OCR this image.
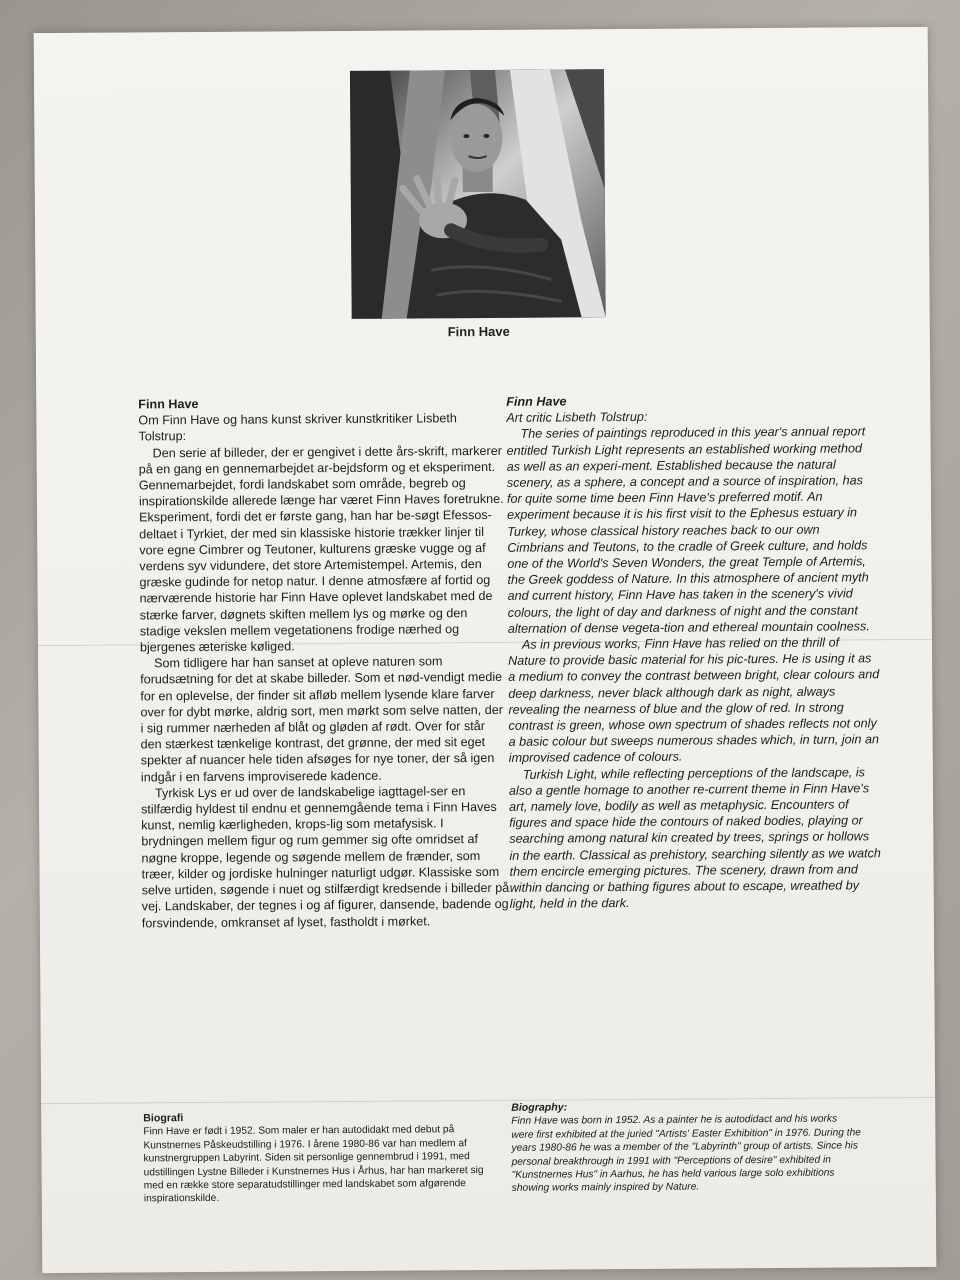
Finn Have
Finn Have

Om Finn Have og hans kunst skriver kunstkritiker Lisbeth Tolstrup:

Den serie af billeder, der er gengivet i dette års-skrift, markerer på en gang en gennemarbejdet ar-bejdsform og et eksperiment. Gennemarbejdet, fordi landskabet som område, begreb og inspirationskilde allerede længe har været Finn Haves foretrukne. Eksperiment, fordi det er første gang, han har be-søgt Efessos-deltaet i Tyrkiet, der med sin klassiske historie trækker linjer til vore egne Cimbrer og Teutoner, kulturens græske vugge og af verdens syv vidundere, det store Artemistempel. Artemis, den græske gudinde for netop natur. I denne atmosfære af fortid og nærværende historie har Finn Have oplevet landskabet med de stærke farver, døgnets skiften mellem lys og mørke og den stadige vekslen mellem vegetationens frodige nærhed og bjergenes æteriske køliged.

Som tidligere har han sanset at opleve naturen som forudsætning for det at skabe billeder. Som et nød-vendigt medie for en oplevelse, der finder sit afløb mellem lysende klare farver over for dybt mørke, aldrig sort, men mørkt som selve natten, der i sig rummer nærheden af blåt og gløden af rødt. Over for står den stærkest tænkelige kontrast, det grønne, der med sit eget spekter af nuancer hele tiden afsøges for nye toner, der så igen indgår i en farvens improviserede kadence.

Tyrkisk Lys er ud over de landskabelige iagttagel-ser en stilfærdig hyldest til endnu et gennemgående tema i Finn Haves kunst, nemlig kærligheden, krops-lig som metafysisk. I brydningen mellem figur og rum gemmer sig ofte omridset af nøgne kroppe, legende og søgende mellem de frænder, som træer, kilder og jordiske hulninger naturligt udgør. Klassiske som selve urtiden, søgende i nuet og stilfærdigt kredsende i billeder på vej. Landskaber, der tegnes i og af figurer, dansende, badende og forsvindende, omkranset af lyset, fastholdt i mørket.

Finn Have

Art critic Lisbeth Tolstrup:

The series of paintings reproduced in this year's annual report entitled Turkish Light represents an established working method as well as an experi-ment. Established because the natural scenery, as a sphere, a concept and a source of inspiration, has for quite some time been Finn Have's preferred motif. An experiment because it is his first visit to the Ephesus estuary in Turkey, whose classical history reaches back to our own Cimbrians and Teutons, to the cradle of Greek culture, and holds one of the World's Seven Wonders, the great Temple of Artemis, the Greek goddess of Nature. In this atmosphere of ancient myth and current history, Finn Have has taken in the scenery's vivid colours, the light of day and darkness of night and the constant alternation of dense vegeta-tion and ethereal mountain coolness.

As in previous works, Finn Have has relied on the thrill of Nature to provide basic material for his pic-tures. He is using it as a medium to convey the contrast between bright, clear colours and deep darkness, never black although dark as night, always revealing the nearness of blue and the glow of red. In strong contrast is green, whose own spectrum of shades reflects not only a basic colour but sweeps numerous shades which, in turn, join an improvised cadence of colours.

Turkish Light, while reflecting perceptions of the landscape, is also a gentle homage to another re-current theme in Finn Have's art, namely love, bodily as well as metaphysic. Encounters of figures and space hide the contours of naked bodies, playing or searching among natural kin created by trees, springs or hollows in the earth. Classical as prehistory, searching silently as we watch them encircle emerging pictures. The scenery, drawn from and within dancing or bathing figures about to escape, wreathed by light, held in the dark.

Biografi

Finn Have er født i 1952. Som maler er han autodidakt med debut på Kunstnernes Påskeudstilling i 1976. I årene 1980-86 var han medlem af kunstnergruppen Labyrint. Siden sit personlige gennembrud i 1991, med udstillingen Lystne Billeder i Kunstnernes Hus i Århus, har han markeret sig med en række store separatudstillinger med landskabet som afgørende inspirationskilde.

Biography:

Finn Have was born in 1952. As a painter he is autodidact and his works were first exhibited at the juried "Artists' Easter Exhibition" in 1976. During the years 1980-86 he was a member of the "Labyrinth" group of artists. Since his personal breakthrough in 1991 with "Perceptions of desire" exhibited in "Kunstnernes Hus" in Aarhus, he has held various large solo exhibitions showing works mainly inspired by Nature.
